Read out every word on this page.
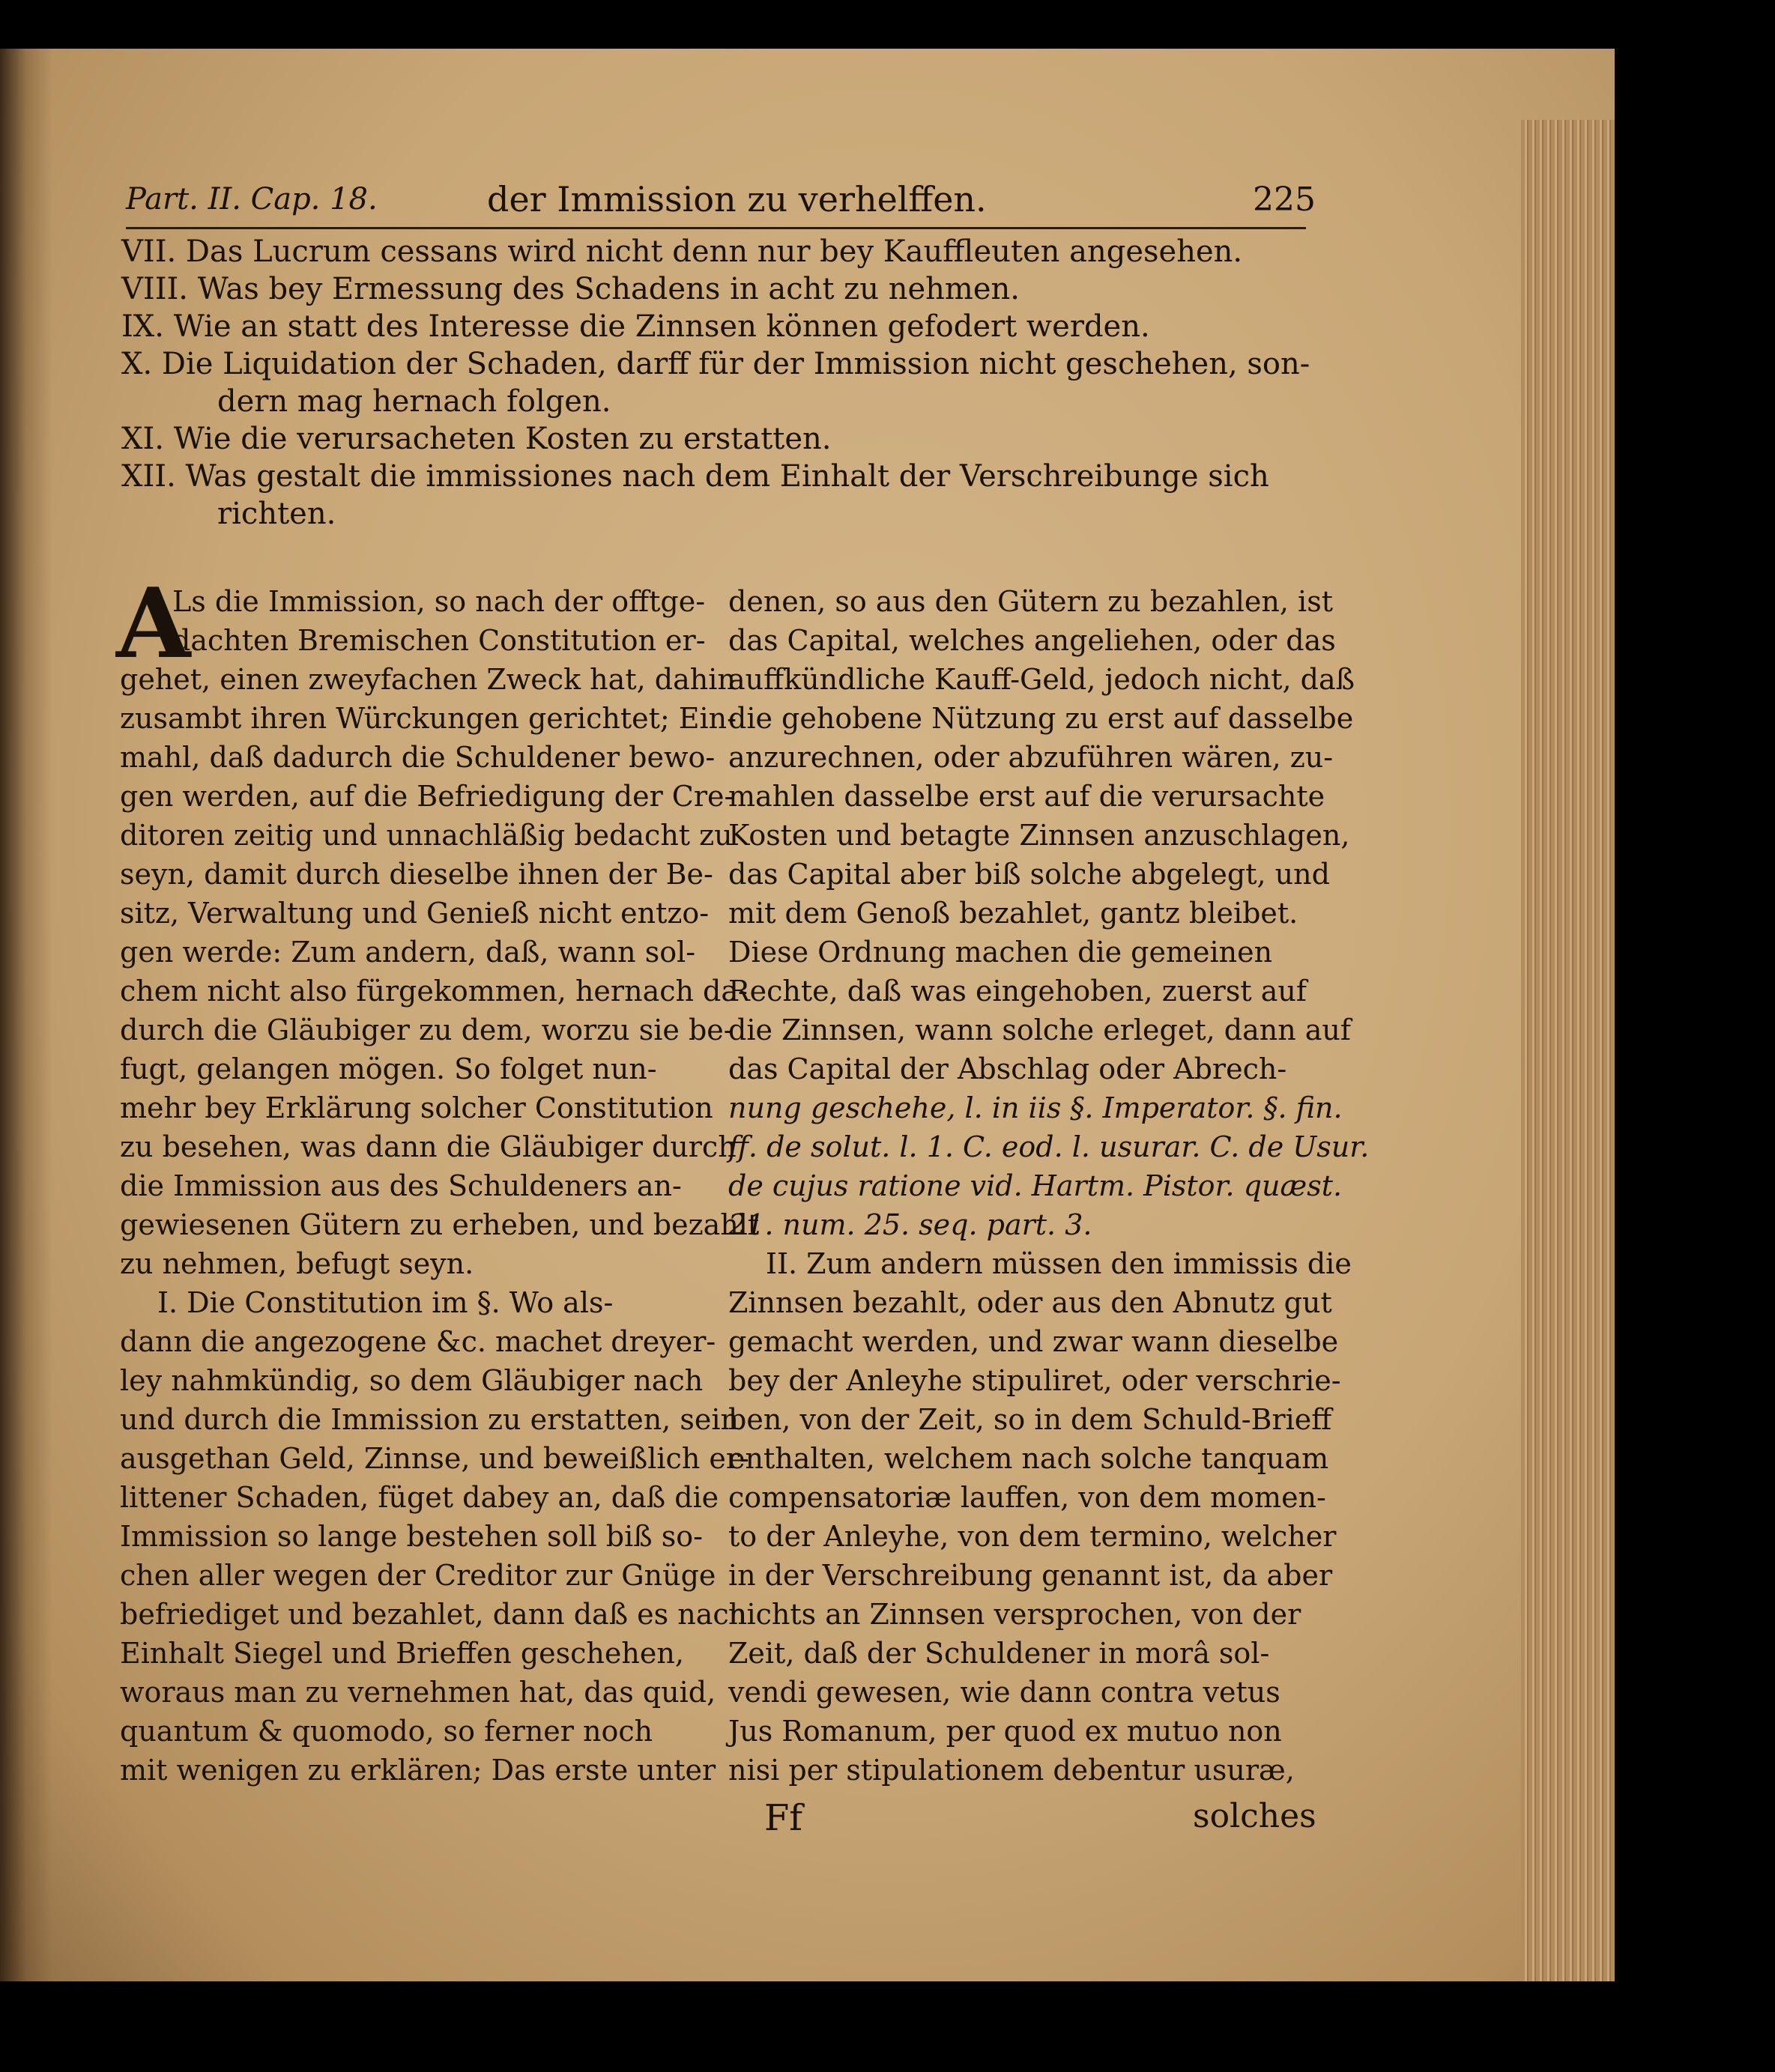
Part. II. Cap. 18.	der Immission zu verhelffen.	225
VII. Das Lucrum cessans wird nicht denn nur bey Kauffleuten angesehen.
VIII. Was bey Ermessung des Schadens in acht zu nehmen.
IX. Wie an statt des Interesse die Zinnsen können gefodert werden.
X. Die Liquidation der Schaden, darff für der Immission nicht geschehen, son-
dern mag hernach folgen.
XI. Wie die verursacheten Kosten zu erstatten.
XII. Was gestalt die immissiones nach dem Einhalt der Verschreibunge sich
richten.
A
Ls die Immission, so nach der offtge-
dachten Bremischen Constitution er-
gehet, einen zweyfachen Zweck hat, dahin
zusambt ihren Würckungen gerichtet; Ein-
mahl, daß dadurch die Schuldener bewo-
gen werden, auf die Befriedigung der Cre-
ditoren zeitig und unnachläßig bedacht zu
seyn, damit durch dieselbe ihnen der Be-
sitz, Verwaltung und Genieß nicht entzo-
gen werde: Zum andern, daß, wann sol-
chem nicht also fürgekommen, hernach da-
durch die Gläubiger zu dem, worzu sie be-
fugt, gelangen mögen. So folget nun-
mehr bey Erklärung solcher Constitution
zu besehen, was dann die Gläubiger durch
die Immission aus des Schuldeners an-
gewiesenen Gütern zu erheben, und bezahlt
zu nehmen, befugt seyn.
I. Die Constitution im §. Wo als-
dann die angezogene &c. machet dreyer-
ley nahmkündig, so dem Gläubiger nach
und durch die Immission zu erstatten, sein
ausgethan Geld, Zinnse, und beweißlich er-
littener Schaden, füget dabey an, daß die
Immission so lange bestehen soll biß so-
chen aller wegen der Creditor zur Gnüge
befriediget und bezahlet, dann daß es nach
Einhalt Siegel und Brieffen geschehen,
woraus man zu vernehmen hat, das quid,
quantum & quomodo, so ferner noch
mit wenigen zu erklären; Das erste unter
denen, so aus den Gütern zu bezahlen, ist
das Capital, welches angeliehen, oder das
auffkündliche Kauff-Geld, jedoch nicht, daß
die gehobene Nützung zu erst auf dasselbe
anzurechnen, oder abzuführen wären, zu-
mahlen dasselbe erst auf die verursachte
Kosten und betagte Zinnsen anzuschlagen,
das Capital aber biß solche abgelegt, und
mit dem Genoß bezahlet, gantz bleibet.
Diese Ordnung machen die gemeinen
Rechte, daß was eingehoben, zuerst auf
die Zinnsen, wann solche erleget, dann auf
das Capital der Abschlag oder Abrech-
nung geschehe, l. in iis §. Imperator. §. fin.
ff. de solut. l. 1. C. eod. l. usurar. C. de Usur.
de cujus ratione vid. Hartm. Pistor. quæst.
21. num. 25. seq. part. 3.
II. Zum andern müssen den immissis die
Zinnsen bezahlt, oder aus den Abnutz gut
gemacht werden, und zwar wann dieselbe
bey der Anleyhe stipuliret, oder verschrie-
ben, von der Zeit, so in dem Schuld-Brieff
enthalten, welchem nach solche tanquam
compensatoriæ lauffen, von dem momen-
to der Anleyhe, von dem termino, welcher
in der Verschreibung genannt ist, da aber
nichts an Zinnsen versprochen, von der
Zeit, daß der Schuldener in morâ sol-
vendi gewesen, wie dann contra vetus
Jus Romanum, per quod ex mutuo non
nisi per stipulationem debentur usuræ,
Ff	solches
